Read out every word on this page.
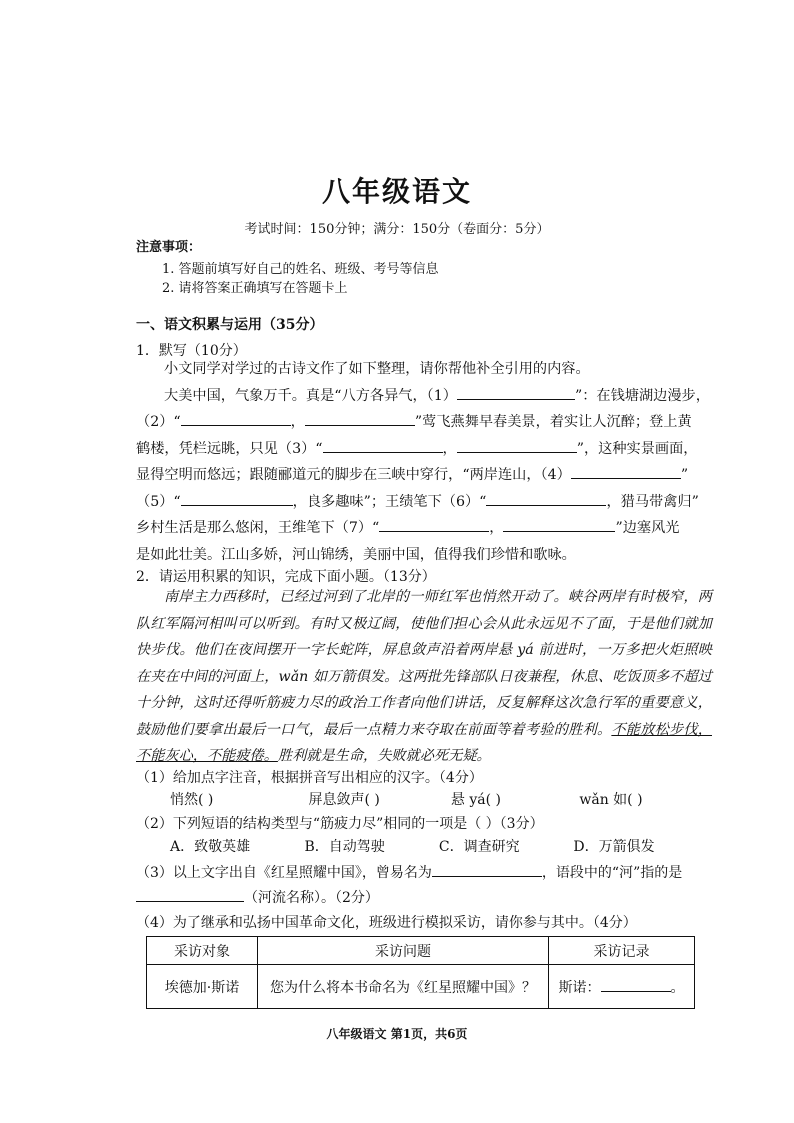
八年级语文
考试时间：150分钟；满分：150分（卷面分：5分）
注意事项：
1. 答题前填写好自己的姓名、班级、考号等信息
2. 请将答案正确填写在答题卡上
一、语文积累与运用（35分）
1．默写（10分）

小文同学对学过的古诗文作了如下整理，请你帮他补全引用的内容。

大美中国，气象万千。真是“八方各异气，（1）	”：在钱塘湖边漫步，

（2）“	，	”莺飞燕舞早春美景，着实让人沉醉；登上黄

鹤楼，凭栏远眺，只见（3）“	，	”，这种实景画面，

显得空明而悠远；跟随郦道元的脚步在三峡中穿行，“两岸连山，（4）	”

（5）“	，良多趣味”；王绩笔下（6）“	，猎马带禽归”

乡村生活是那么悠闲，王维笔下（7）“	，	”边塞风光

是如此壮美。江山多娇，河山锦绣，美丽中国，值得我们珍惜和歌咏。

2．请运用积累的知识，完成下面小题。（13分）

南岸主力西移时，已经过河到了北岸的一师红军也悄然开动了。峡谷两岸有时极窄，两队红军隔河相叫可以听到。有时又极辽阔，使他们担心会从此永远见不了面，于是他们就加快步伐。他们在夜间摆开一字长蛇阵，屏息敛声沿着两岸悬 yá 前进时，一万多把火炬照映在夹在中间的河面上，wǎn 如万箭俱发。这两批先锋部队日夜兼程，休息、吃饭顶多不超过十分钟，这时还得听筋疲力尽的政治工作者向他们讲话，反复解释这次急行军的重要意义，鼓励他们要拿出最后一口气，最后一点精力来夺取在前面等着考验的胜利。不能放松步伐，不能灰心，不能疲倦。胜利就是生命，失败就必死无疑。

（1）给加点字注音，根据拼音写出相应的汉字。（4分）
悄然( )	屏息敛声( )	悬 yá( )	wǎn 如( )
（2）下列短语的结构类型与“筋疲力尽”相同的一项是（ ）（3分）
A．致敬英雄	B．自动驾驶	C．调查研究	D．万箭俱发
（3）以上文字出自《红星照耀中国》，曾易名为	，语段中的“河”指的是
（河流名称）。（2分）
（4）为了继承和弘扬中国革命文化，班级进行模拟采访，请你参与其中。（4分）
采访对象	采访问题	采访记录
埃德加·斯诺	您为什么将本书命名为《红星照耀中国》？	斯诺： 。
八年级语文 第1页，共6页
